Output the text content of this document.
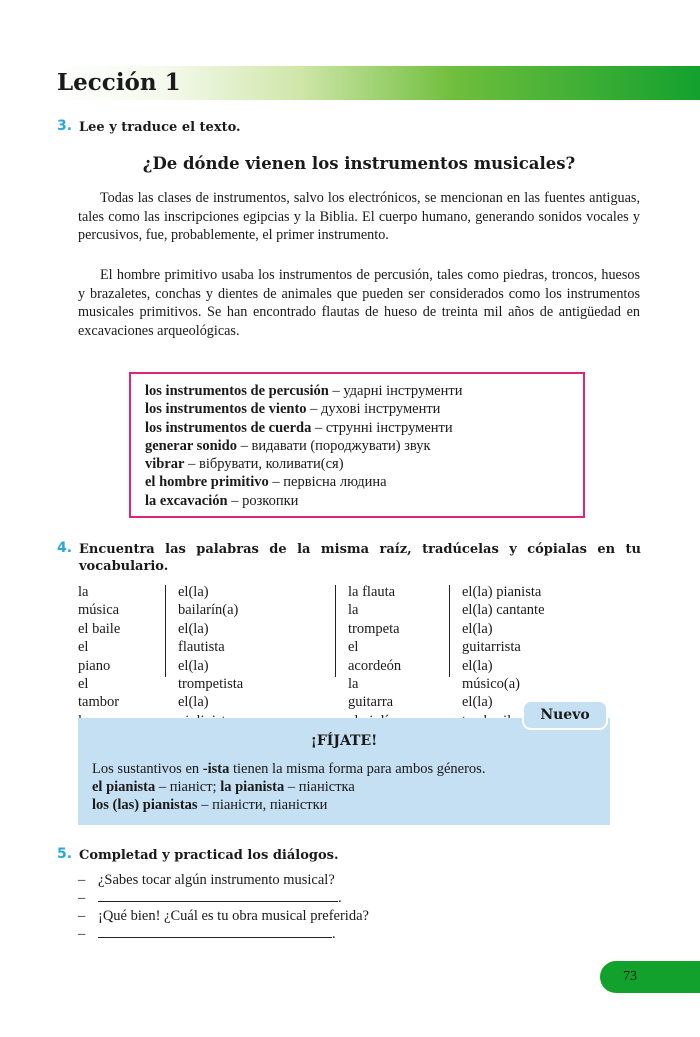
Lección 1
3. Lee y traduce el texto.
¿De dónde vienen los instrumentos musicales?

Todas las clases de instrumentos, salvo los electrónicos, se mencionan en las fuentes antiguas, tales como las inscripciones egipcias y la Biblia. El cuerpo humano, generando sonidos vocales y percusivos, fue, probablemente, el primer instrumento.

El hombre primitivo usaba los instrumentos de percusión, tales como piedras, troncos, huesos y brazaletes, conchas y dientes de animales que pueden ser considerados como los instrumentos musicales primitivos. Se han encontrado flautas de hueso de treinta mil años de antigüedad en excavaciones arqueológicas.

los instrumentos de percusión – ударні інструменти
los instrumentos de viento – духові інструменти
los instrumentos de cuerda – струнні інструменти
generar sonido – видавати (породжувати) звук
vibrar – вібрувати, коливати(ся)
el hombre primitivo – первісна людина
la excavación – розкопки
4. Encuentra las palabras de la misma raíz, tradúcelas y cópialas en tu vocabulario.
la música
el baile
el piano
el tambor
el(la) bailarín(a)
el(la) flautista
el(la) trompetista
el(la)
la flauta
la trompeta
el acordeón
la guitarra
el(la) pianista
el(la) cantante
el(la) guitarrista
el(la) músico(a)
el(la)
Nuevo
¡FÍJATE!
Los sustantivos en -ista tienen la misma forma para ambos géneros.
el pianista – піаніст; la pianista – піаністка
los (las) pianistas – піаністи, піаністки
5. Completad y practicad los diálogos.
– ¿Sabes tocar algún instrumento musical?
–	.
– ¡Qué bien! ¿Cuál es tu obra musical preferida?
–	.
73
